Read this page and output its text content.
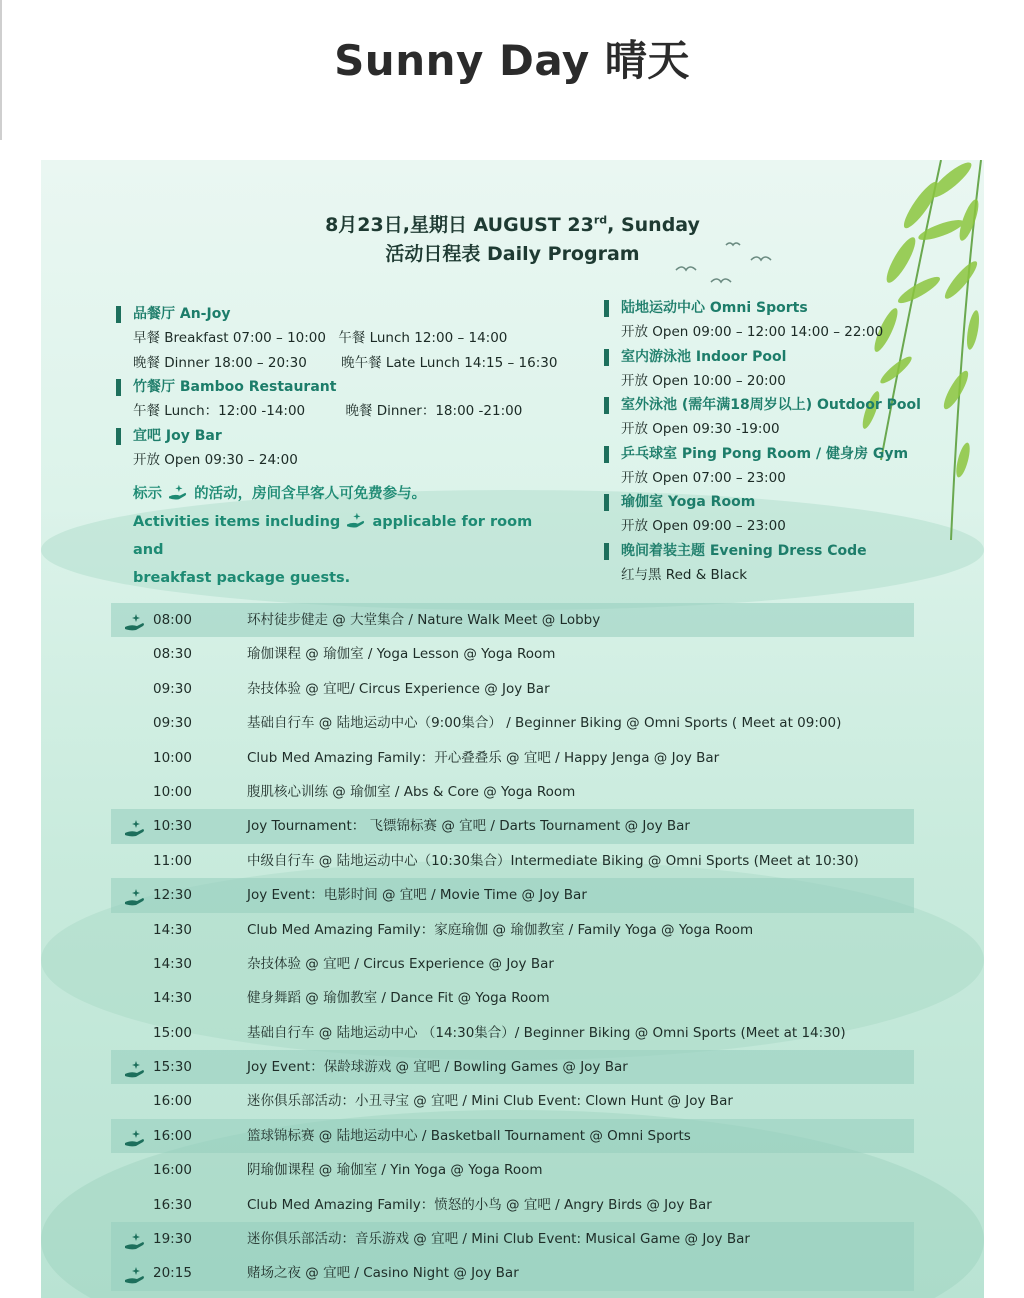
Sunny Day 晴天
8月23日,星期日 AUGUST 23rd, Sunday
活动日程表 Daily Program
品餐厅 An-Joy
早餐 Breakfast 07:00 – 10:00 午餐 Lunch 12:00 – 14:00
晚餐 Dinner 18:00 – 20:30	晚午餐 Late Lunch 14:15 – 16:30
竹餐厅 Bamboo Restaurant
午餐 Lunch：12:00 -14:00	晚餐 Dinner：18:00 -21:00
宜吧 Joy Bar
开放 Open 09:30 – 24:00
标示 的活动，房间含早客人可免费参与。
Activities items including applicable for room and
breakfast package guests.
陆地运动中心 Omni Sports
开放 Open 09:00 – 12:00 14:00 – 22:00
室内游泳池 Indoor Pool
开放 Open 10:00 – 20:00
室外泳池 (需年满18周岁以上) Outdoor Pool
开放 Open 09:30 -19:00
乒乓球室 Ping Pong Room / 健身房 Gym
开放 Open 07:00 – 23:00
瑜伽室 Yoga Room
开放 Open 09:00 – 23:00
晚间着装主题 Evening Dress Code
红与黑 Red & Black
08:00	环村徒步健走 @ 大堂集合 / Nature Walk Meet @ Lobby
08:30	瑜伽课程 @ 瑜伽室 / Yoga Lesson @ Yoga Room
09:30	杂技体验 @ 宜吧/ Circus Experience @ Joy Bar
09:30	基础自行车 @ 陆地运动中心（9:00集合） / Beginner Biking @ Omni Sports ( Meet at 09:00)
10:00	Club Med Amazing Family：开心叠叠乐 @ 宜吧 / Happy Jenga @ Joy Bar
10:00	腹肌核心训练 @ 瑜伽室 / Abs & Core @ Yoga Room
10:30	Joy Tournament： 飞镖锦标赛 @ 宜吧 / Darts Tournament @ Joy Bar
11:00	中级自行车 @ 陆地运动中心（10:30集合）Intermediate Biking @ Omni Sports (Meet at 10:30)
12:30	Joy Event：电影时间 @ 宜吧 / Movie Time @ Joy Bar
14:30	Club Med Amazing Family：家庭瑜伽 @ 瑜伽教室 / Family Yoga @ Yoga Room
14:30	杂技体验 @ 宜吧 / Circus Experience @ Joy Bar
14:30	健身舞蹈 @ 瑜伽教室 / Dance Fit @ Yoga Room
15:00	基础自行车 @ 陆地运动中心 （14:30集合）/ Beginner Biking @ Omni Sports (Meet at 14:30)
15:30	Joy Event：保龄球游戏 @ 宜吧 / Bowling Games @ Joy Bar
16:00	迷你俱乐部活动：小丑寻宝 @ 宜吧 / Mini Club Event: Clown Hunt @ Joy Bar
16:00	篮球锦标赛 @ 陆地运动中心 / Basketball Tournament @ Omni Sports
16:00	阴瑜伽课程 @ 瑜伽室 / Yin Yoga @ Yoga Room
16:30	Club Med Amazing Family：愤怒的小鸟 @ 宜吧 / Angry Birds @ Joy Bar
19:30	迷你俱乐部活动：音乐游戏 @ 宜吧 / Mini Club Event: Musical Game @ Joy Bar
20:15	赌场之夜 @ 宜吧 / Casino Night @ Joy Bar
